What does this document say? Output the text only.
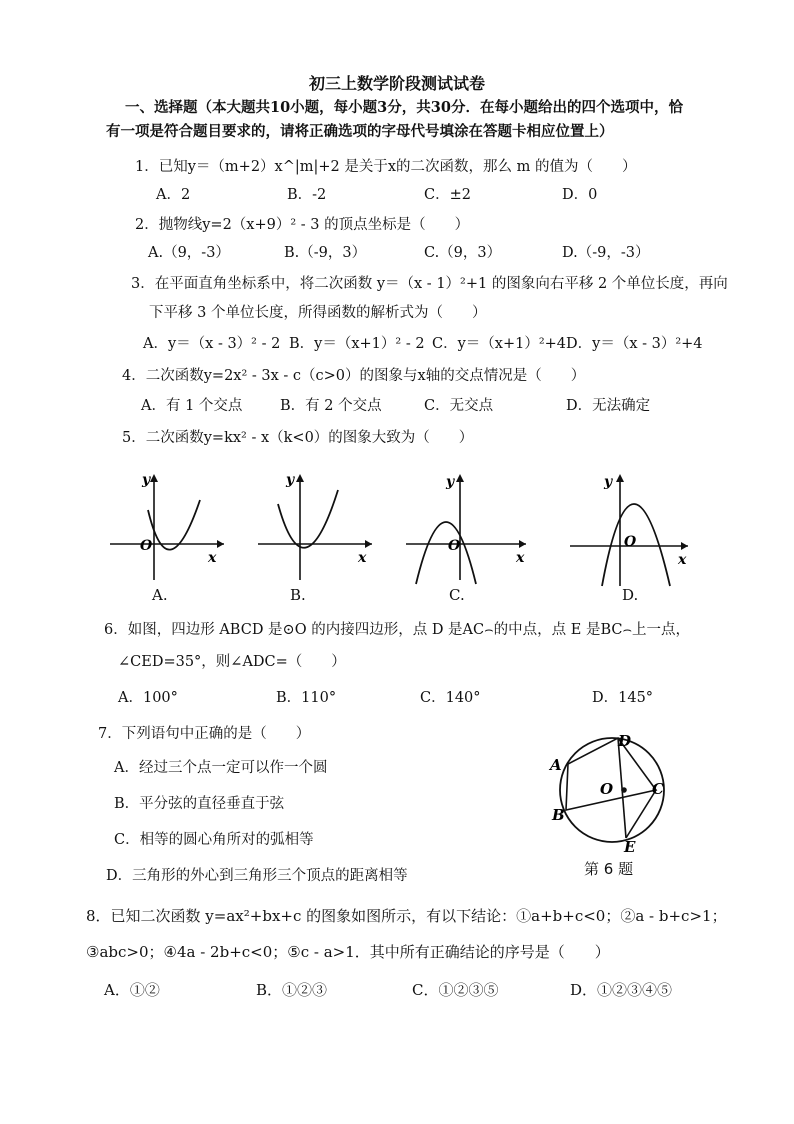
初三上数学阶段测试试卷
一、选择题（本大题共10小题，每小题3分，共30分．在每小题给出的四个选项中，恰
有一项是符合题目要求的，请将正确选项的字母代号填涂在答题卡相应位置上）
1．已知y＝（m+2）x^|m|+2 是关于x的二次函数，那么 m 的值为（　　）
A．2	B．-2	C．±2	D．0
2．抛物线y=2（x+9）² - 3 的顶点坐标是（　　）
A.（9，-3）	B.（-9，3）	C.（9，3）	D.（-9，-3）
3．在平面直角坐标系中，将二次函数 y＝（x - 1）²+1 的图象向右平移 2 个单位长度，再向
下平移 3 个单位长度，所得函数的解析式为（　　）
A．y＝（x - 3）² - 2 B．y＝（x+1）² - 2 C．y＝（x+1）²+4 D．y＝（x - 3）²+4
4．二次函数y=2x² - 3x - c（c>0）的图象与x轴的交点情况是（　　）
A．有 1 个交点	B．有 2 个交点	C．无交点	D．无法确定
5．二次函数y=kx² - x（k<0）的图象大致为（　　）
y
x
O
y
x
y
x
O
y
x
O
A.	B.	C.	D.
6．如图，四边形 ABCD 是⊙O 的内接四边形，点 D 是AC⌢的中点，点 E 是BC⌢上一点，
∠CED=35°，则∠ADC=（　　）
A．100°	B．110°	C．140°	D．145°
A
B
C
D
E
O
第 6 题
7．下列语句中正确的是（　　）
A．经过三个点一定可以作一个圆
B．平分弦的直径垂直于弦
C．相等的圆心角所对的弧相等
D．三角形的外心到三角形三个顶点的距离相等
8．已知二次函数 y=ax²+bx+c 的图象如图所示，有以下结论：①a+b+c<0；②a - b+c>1；
③abc>0；④4a - 2b+c<0；⑤c - a>1．其中所有正确结论的序号是（　　）
A．①②	B．①②③	C．①②③⑤	D．①②③④⑤
